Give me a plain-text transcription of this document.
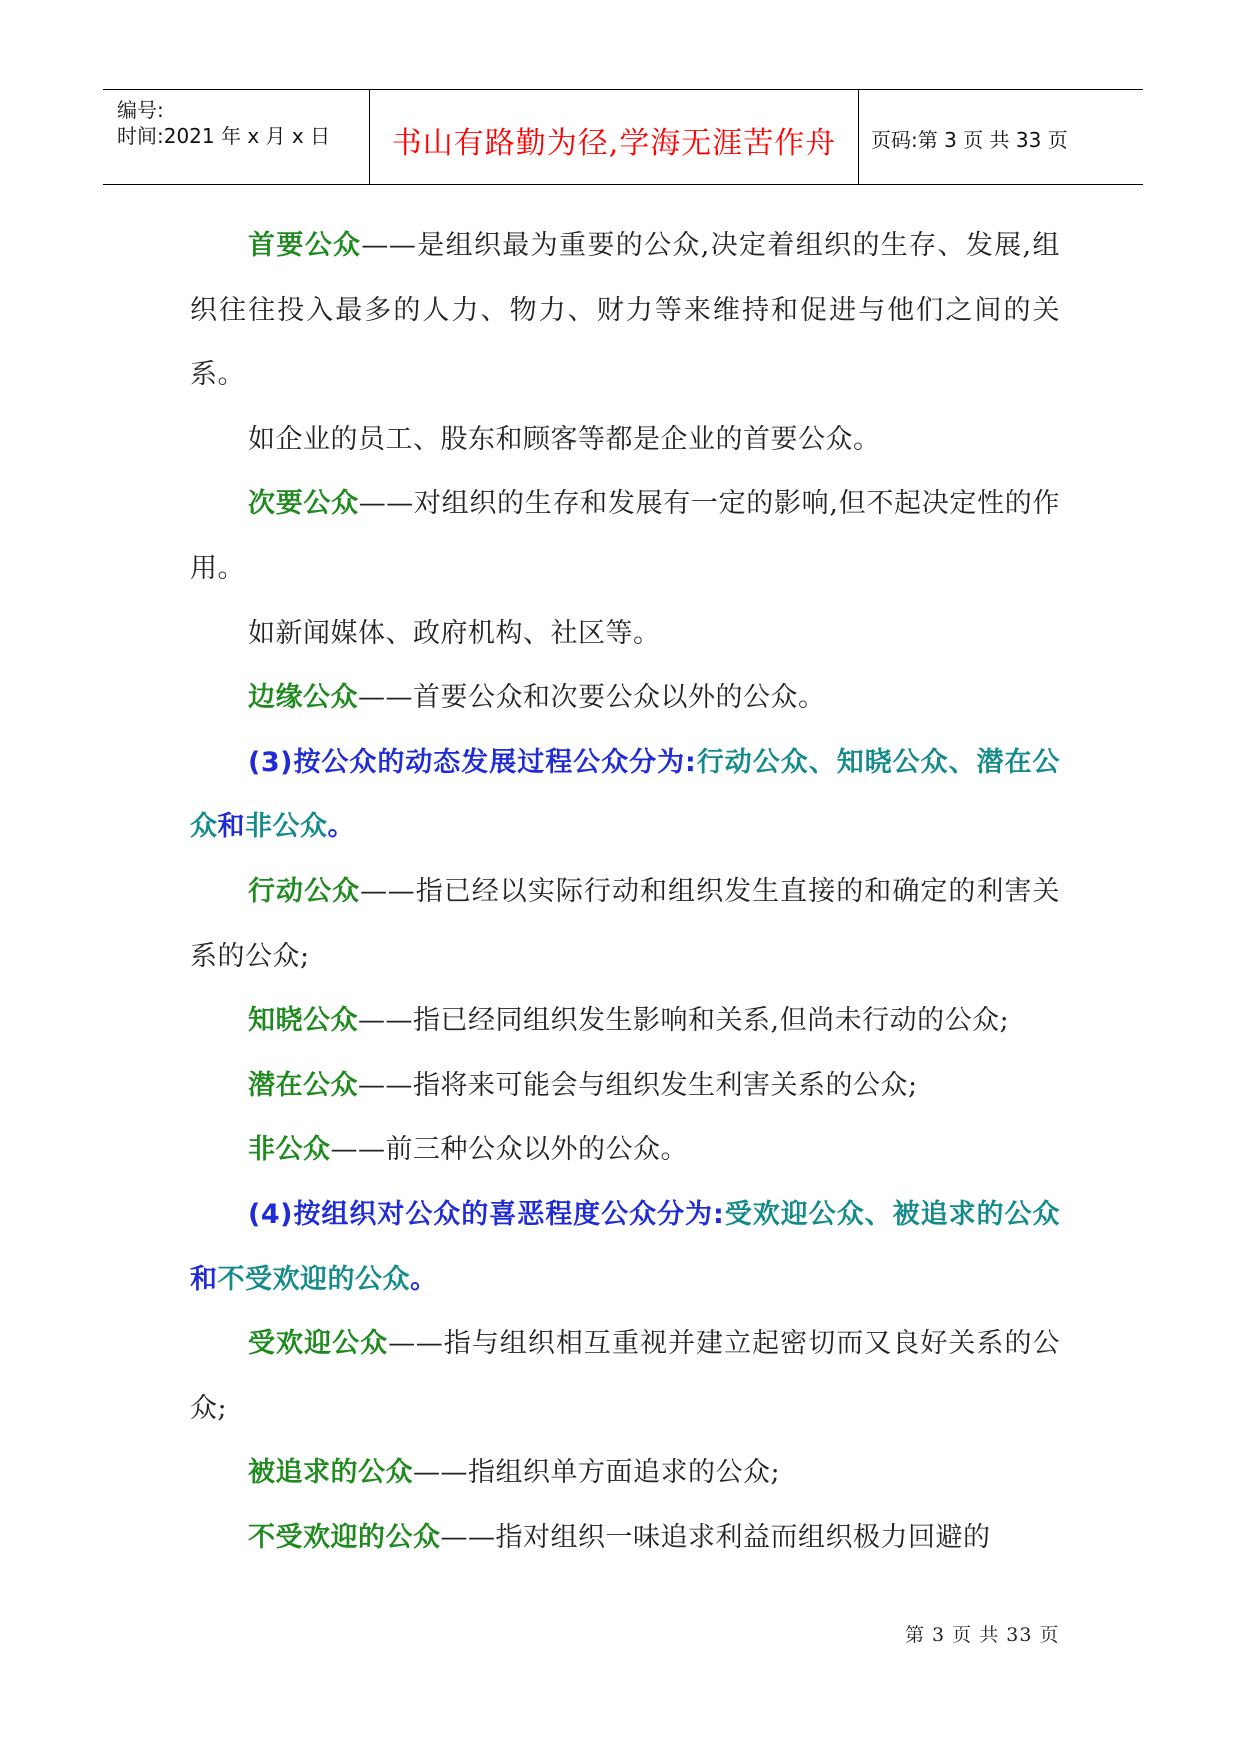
编号:
时间:2021 年 x 月 x 日	书山有路勤为径,学海无涯苦作舟	页码:第 3 页 共 33 页

首要公众——是组织最为重要的公众,决定着组织的生存、发展,组织往往投入最多的人力、物力、财力等来维持和促进与他们之间的关系。

如企业的员工、股东和顾客等都是企业的首要公众。

次要公众——对组织的生存和发展有一定的影响,但不起决定性的作用。

如新闻媒体、政府机构、社区等。

边缘公众——首要公众和次要公众以外的公众。

(3)按公众的动态发展过程公众分为:行动公众、知晓公众、潜在公众和非公众。

行动公众——指已经以实际行动和组织发生直接的和确定的利害关系的公众;

知晓公众——指已经同组织发生影响和关系,但尚未行动的公众;

潜在公众——指将来可能会与组织发生利害关系的公众;

非公众——前三种公众以外的公众。

(4)按组织对公众的喜恶程度公众分为:受欢迎公众、被追求的公众和不受欢迎的公众。

受欢迎公众——指与组织相互重视并建立起密切而又良好关系的公众;

被追求的公众——指组织单方面追求的公众;

不受欢迎的公众——指对组织一味追求利益而组织极力回避的

第 3 页 共 33 页
